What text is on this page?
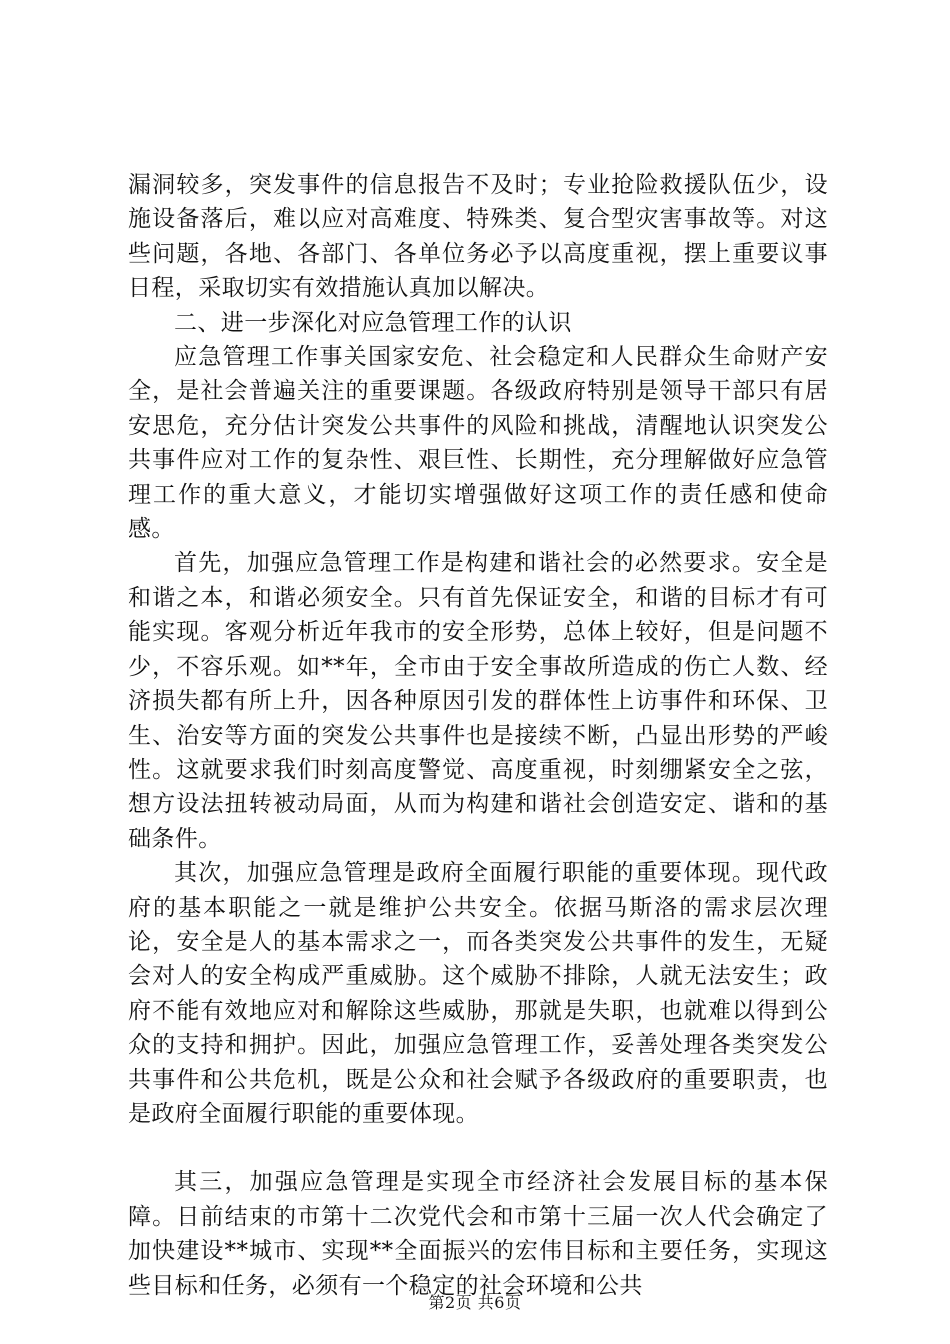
漏洞较多，突发事件的信息报告不及时；专业抢险救援队伍少，设施设备落后，难以应对高难度、特殊类、复合型灾害事故等。对这些问题，各地、各部门、各单位务必予以高度重视，摆上重要议事日程，采取切实有效措施认真加以解决。

二、进一步深化对应急管理工作的认识

应急管理工作事关国家安危、社会稳定和人民群众生命财产安全，是社会普遍关注的重要课题。各级政府特别是领导干部只有居安思危，充分估计突发公共事件的风险和挑战，清醒地认识突发公共事件应对工作的复杂性、艰巨性、长期性，充分理解做好应急管理工作的重大意义，才能切实增强做好这项工作的责任感和使命感。

首先，加强应急管理工作是构建和谐社会的必然要求。安全是和谐之本，和谐必须安全。只有首先保证安全，和谐的目标才有可能实现。客观分析近年我市的安全形势，总体上较好，但是问题不少，不容乐观。如**年，全市由于安全事故所造成的伤亡人数、经济损失都有所上升，因各种原因引发的群体性上访事件和环保、卫生、治安等方面的突发公共事件也是接续不断，凸显出形势的严峻性。这就要求我们时刻高度警觉、高度重视，时刻绷紧安全之弦，想方设法扭转被动局面，从而为构建和谐社会创造安定、谐和的基础条件。

其次，加强应急管理是政府全面履行职能的重要体现。现代政府的基本职能之一就是维护公共安全。依据马斯洛的需求层次理论，安全是人的基本需求之一，而各类突发公共事件的发生，无疑会对人的安全构成严重威胁。这个威胁不排除，人就无法安生；政府不能有效地应对和解除这些威胁，那就是失职，也就难以得到公众的支持和拥护。因此，加强应急管理工作，妥善处理各类突发公共事件和公共危机，既是公众和社会赋予各级政府的重要职责，也是政府全面履行职能的重要体现。

其三，加强应急管理是实现全市经济社会发展目标的基本保障。日前结束的市第十二次党代会和市第十三届一次人代会确定了加快建设**城市、实现**全面振兴的宏伟目标和主要任务，实现这些目标和任务，必须有一个稳定的社会环境和公共

第2页 共6页
